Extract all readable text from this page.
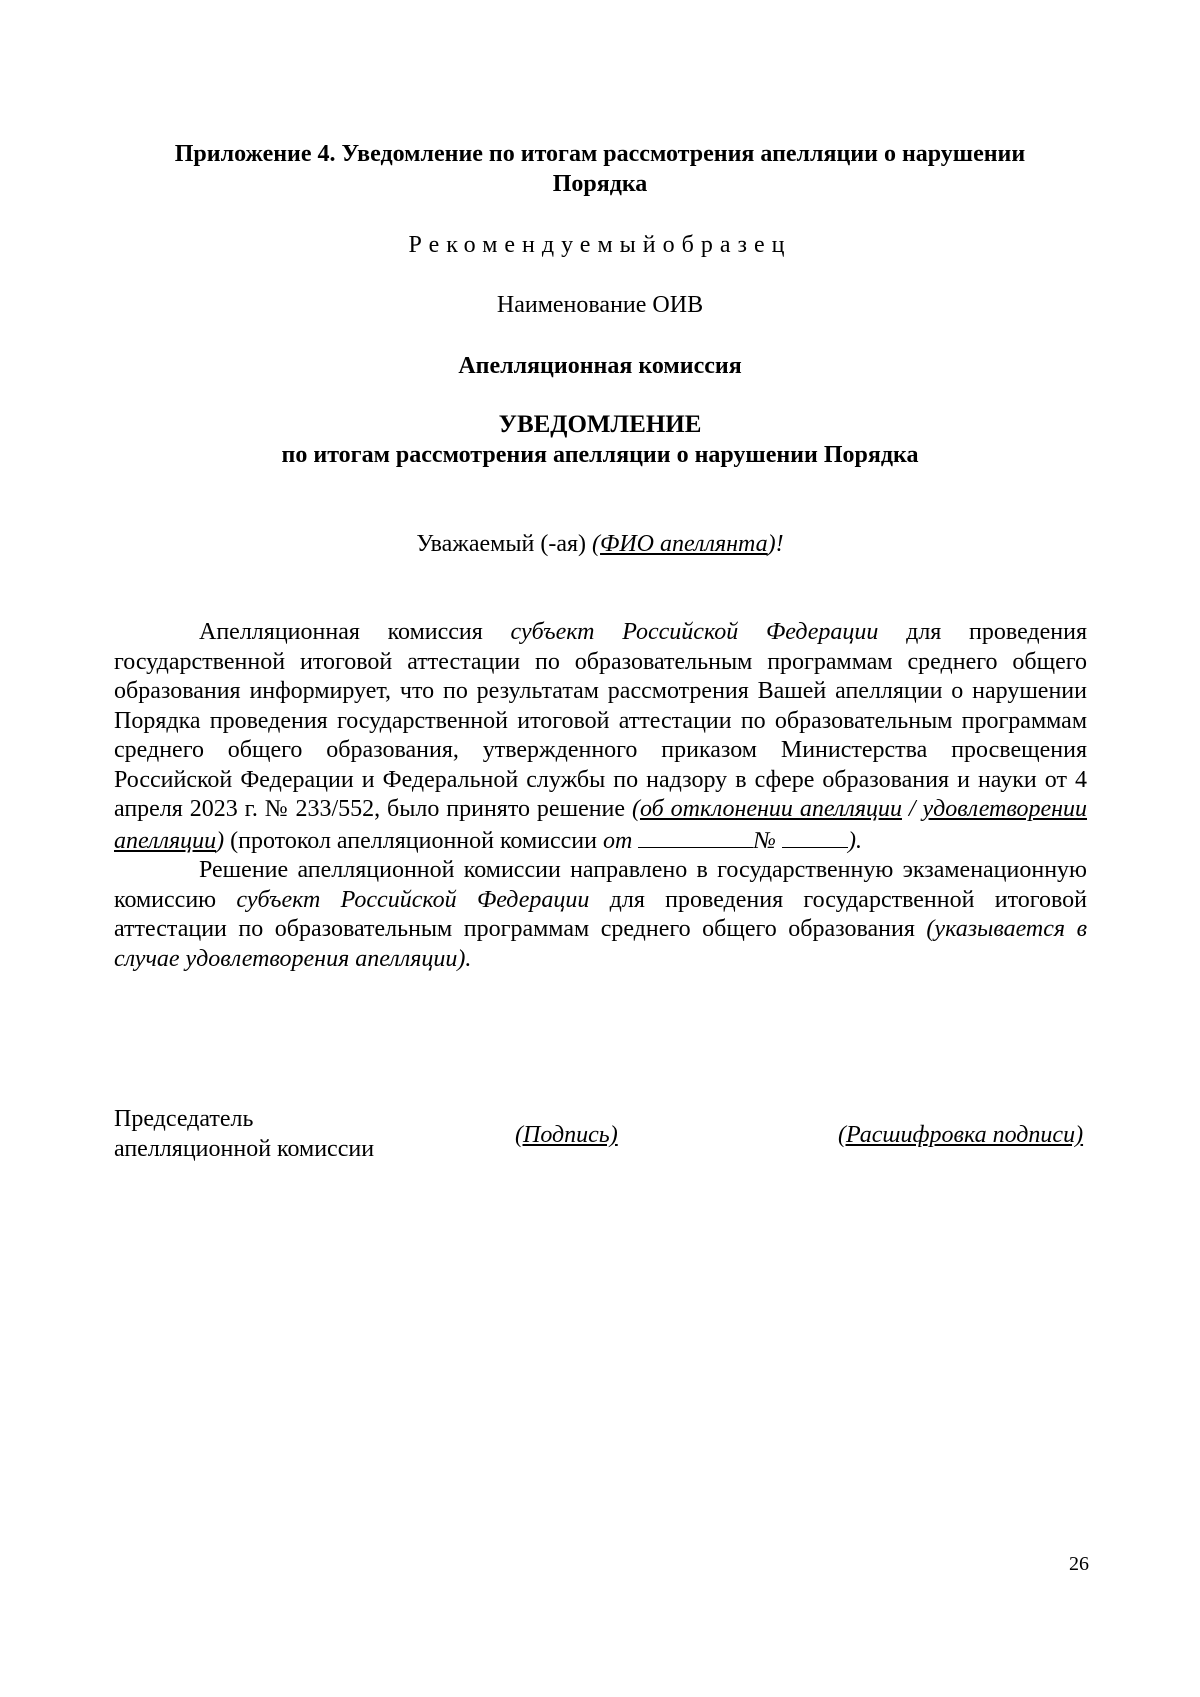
Приложение 4. Уведомление по итогам рассмотрения апелляции о нарушении
Порядка
Рекомендуемыйобразец
Наименование ОИВ
Апелляционная комиссия
УВЕДОМЛЕНИЕ
по итогам рассмотрения апелляции о нарушении Порядка
Уважаемый (-ая) (ФИО апеллянта)!

Апелляционная комиссия субъект Российской Федерации для проведения государственной итоговой аттестации по образовательным программам среднего общего образования информирует, что по результатам рассмотрения Вашей апелляции о нарушении Порядка проведения государственной итоговой аттестации по образовательным программам среднего общего образования, утвержденного приказом Министерства просвещения Российской Федерации и Федеральной службы по надзору в сфере образования и науки от 4 апреля 2023 г. № 233/552, было принято решение (об отклонении апелляции / удовлетворении апелляции) (протокол апелляционной комиссии от	№	).

Решение апелляционной комиссии направлено в государственную экзаменационную комиссию субъект Российской Федерации для проведения государственной итоговой аттестации по образовательным программам среднего общего образования (указывается в случае удовлетворения апелляции).

Председатель
апелляционной комиссии
(Подпись)	(Расшифровка подписи)
26
